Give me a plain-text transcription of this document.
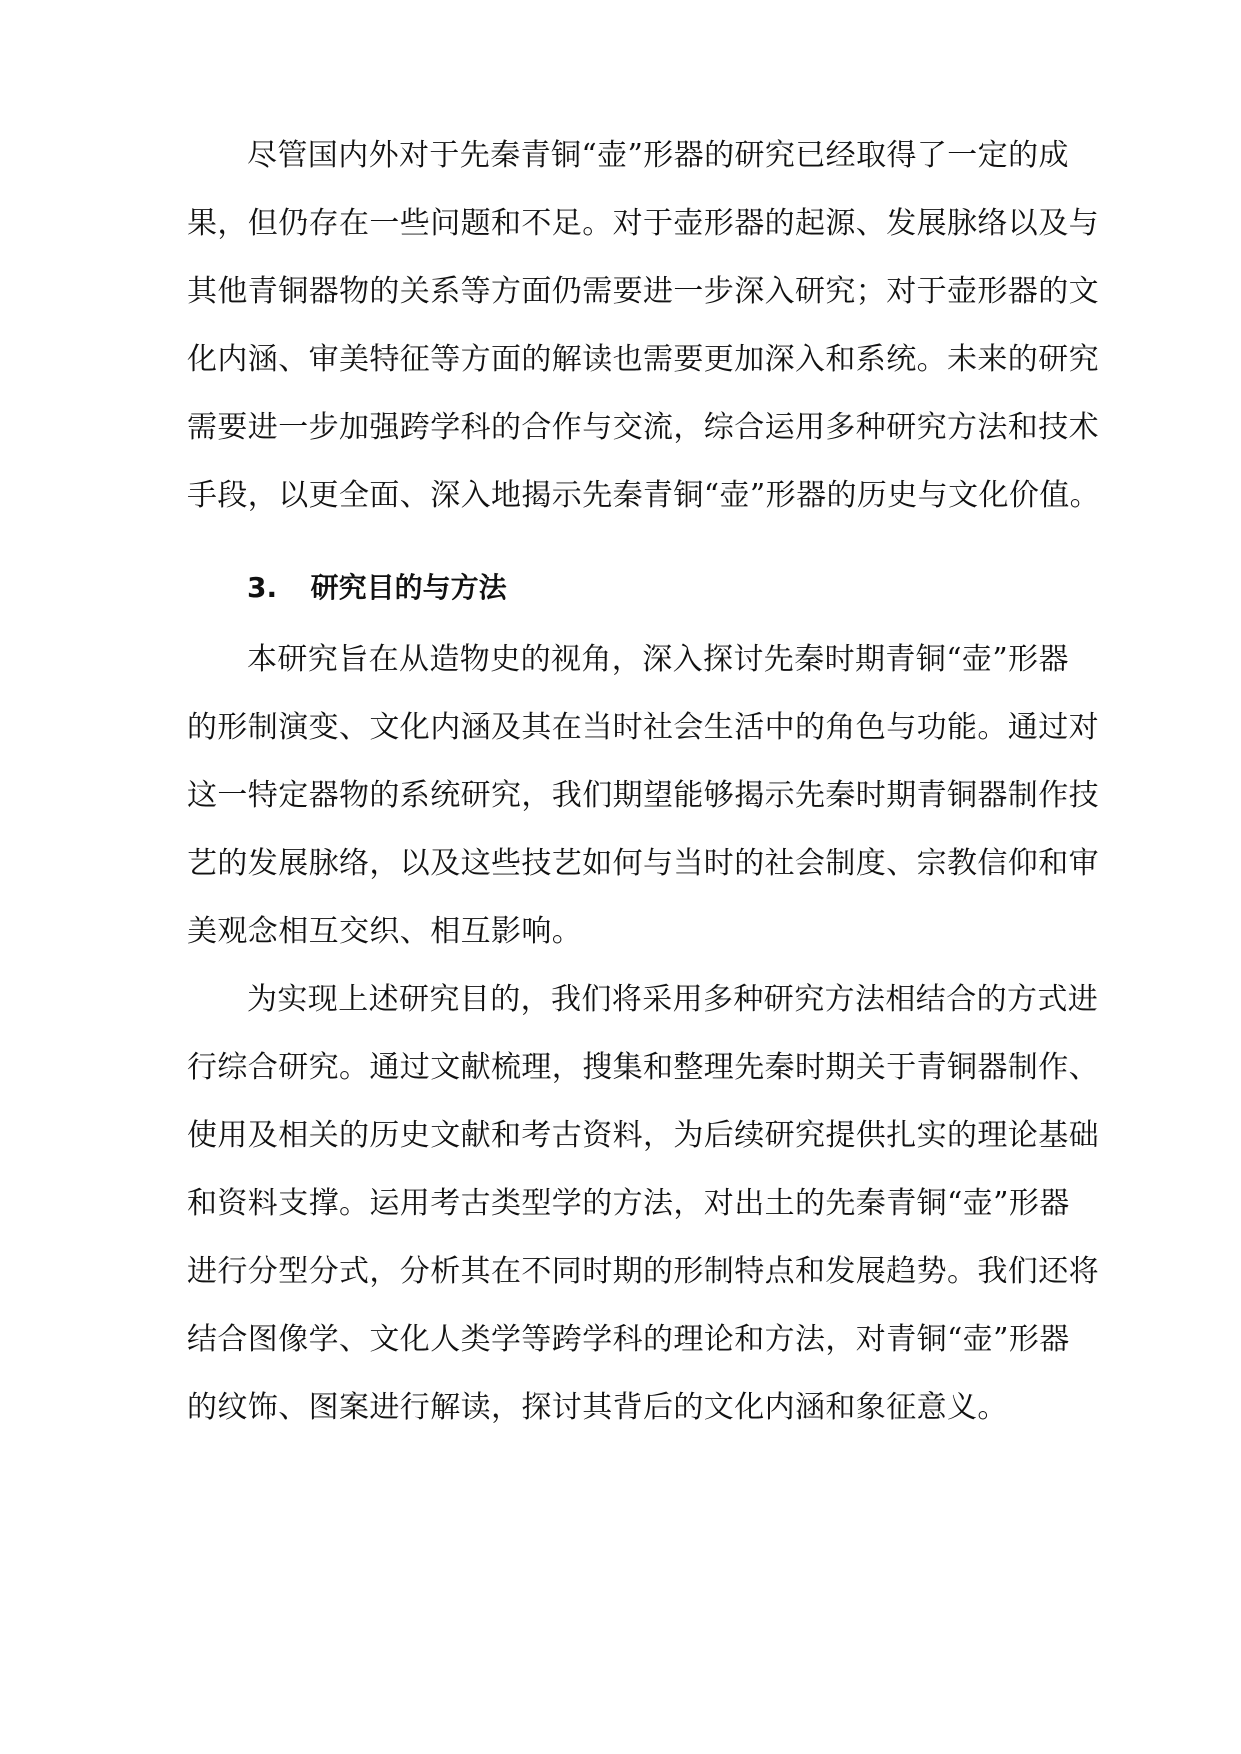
尽管国内外对于先秦青铜“壶”形器的研究已经取得了一定的成
果，但仍存在一些问题和不足。对于壶形器的起源、发展脉络以及与
其他青铜器物的关系等方面仍需要进一步深入研究；对于壶形器的文
化内涵、审美特征等方面的解读也需要更加深入和系统。未来的研究
需要进一步加强跨学科的合作与交流，综合运用多种研究方法和技术
手段，以更全面、深入地揭示先秦青铜“壶”形器的历史与文化价值。
3. 研究目的与方法
本研究旨在从造物史的视角，深入探讨先秦时期青铜“壶”形器
的形制演变、文化内涵及其在当时社会生活中的角色与功能。通过对
这一特定器物的系统研究，我们期望能够揭示先秦时期青铜器制作技
艺的发展脉络，以及这些技艺如何与当时的社会制度、宗教信仰和审
美观念相互交织、相互影响。
为实现上述研究目的，我们将采用多种研究方法相结合的方式进
行综合研究。通过文献梳理，搜集和整理先秦时期关于青铜器制作、
使用及相关的历史文献和考古资料，为后续研究提供扎实的理论基础
和资料支撑。运用考古类型学的方法，对出土的先秦青铜“壶”形器
进行分型分式，分析其在不同时期的形制特点和发展趋势。我们还将
结合图像学、文化人类学等跨学科的理论和方法，对青铜“壶”形器
的纹饰、图案进行解读，探讨其背后的文化内涵和象征意义。
